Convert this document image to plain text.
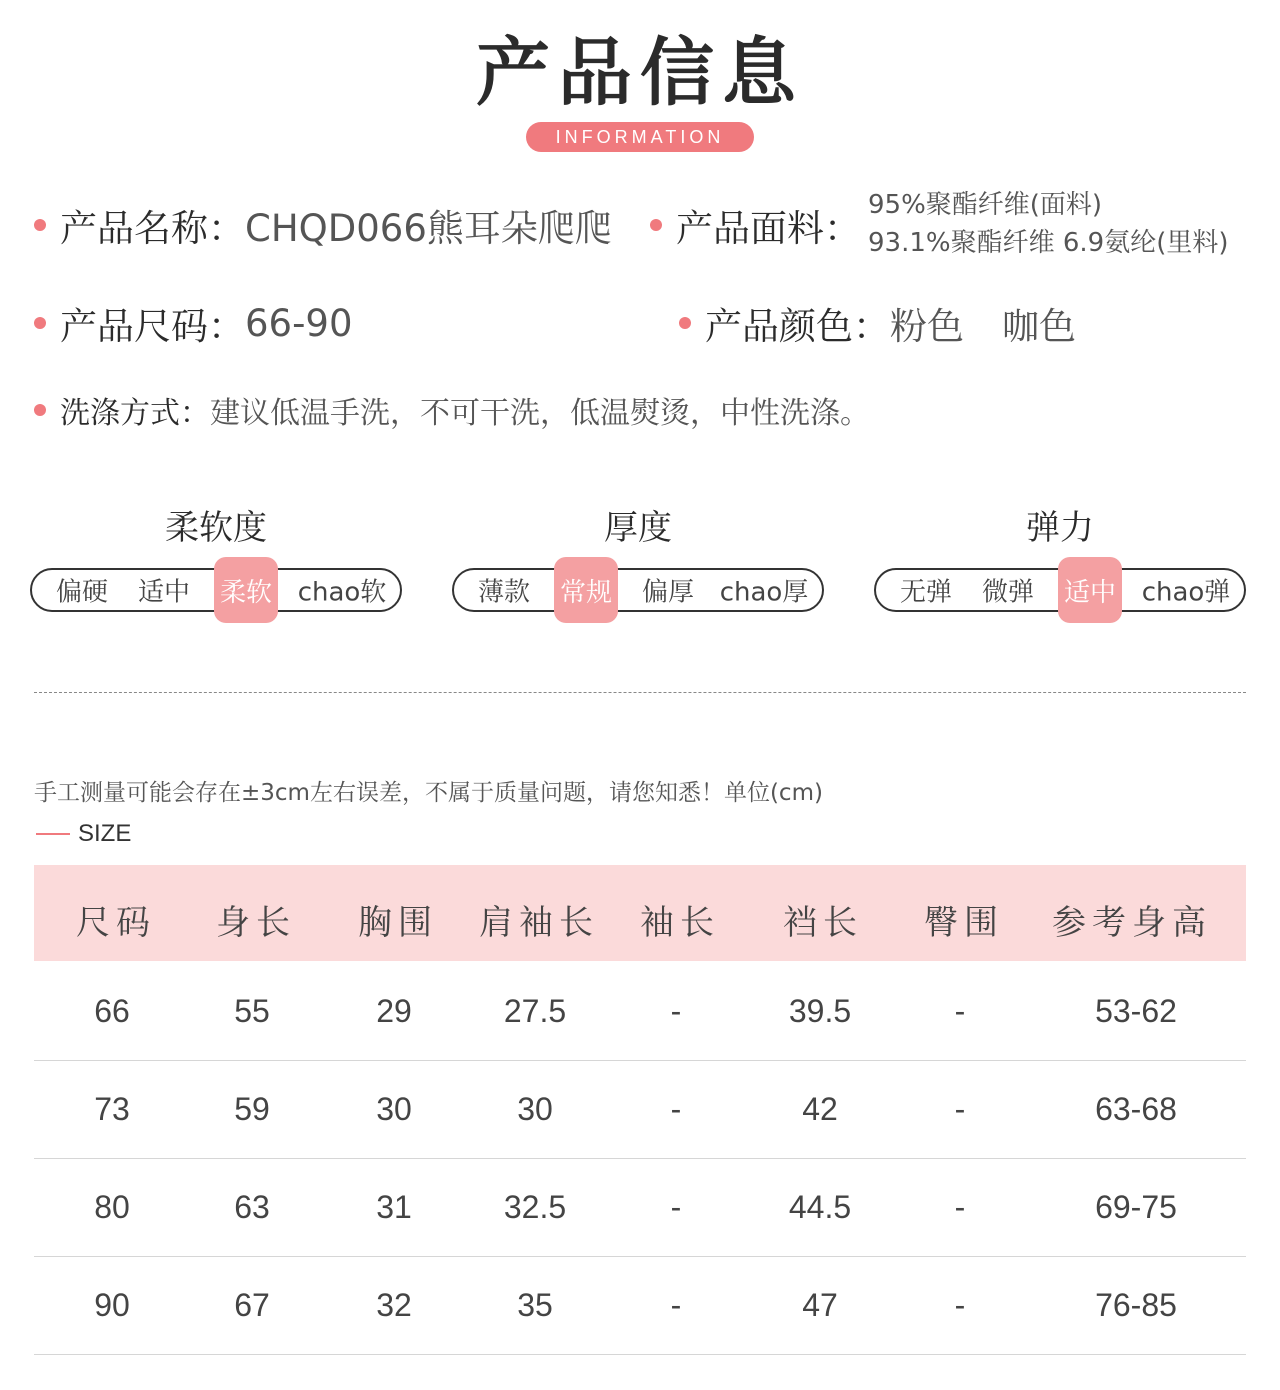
产品信息
INFORMATION
产品名称： CHQD066熊耳朵爬爬 产品面料：
95%聚酯纤维(面料)
93.1%聚酯纤维 6.9氨纶(里料)
产品尺码： 66-90	产品颜色： 粉色 咖色
洗涤方式： 建议低温手洗，不可干洗，低温熨烫，中性洗涤。
柔软度
偏硬 适中 柔软 chao软
厚度
薄款 常规 偏厚 chao厚
弹力
无弹 微弹 适中 chao弹
手工测量可能会存在±3cm左右误差，不属于质量问题，请您知悉！单位(cm)
SIZE
尺码 身长 胸围 肩袖长 袖长 裆长 臀围 参考身高
66	55	29	27.5	-	39.5	-	53-62
73	59	30	30	-	42	-	63-68
80	63	31	32.5	-	44.5	-	69-75
90	67	32	35	-	47	-	76-85
